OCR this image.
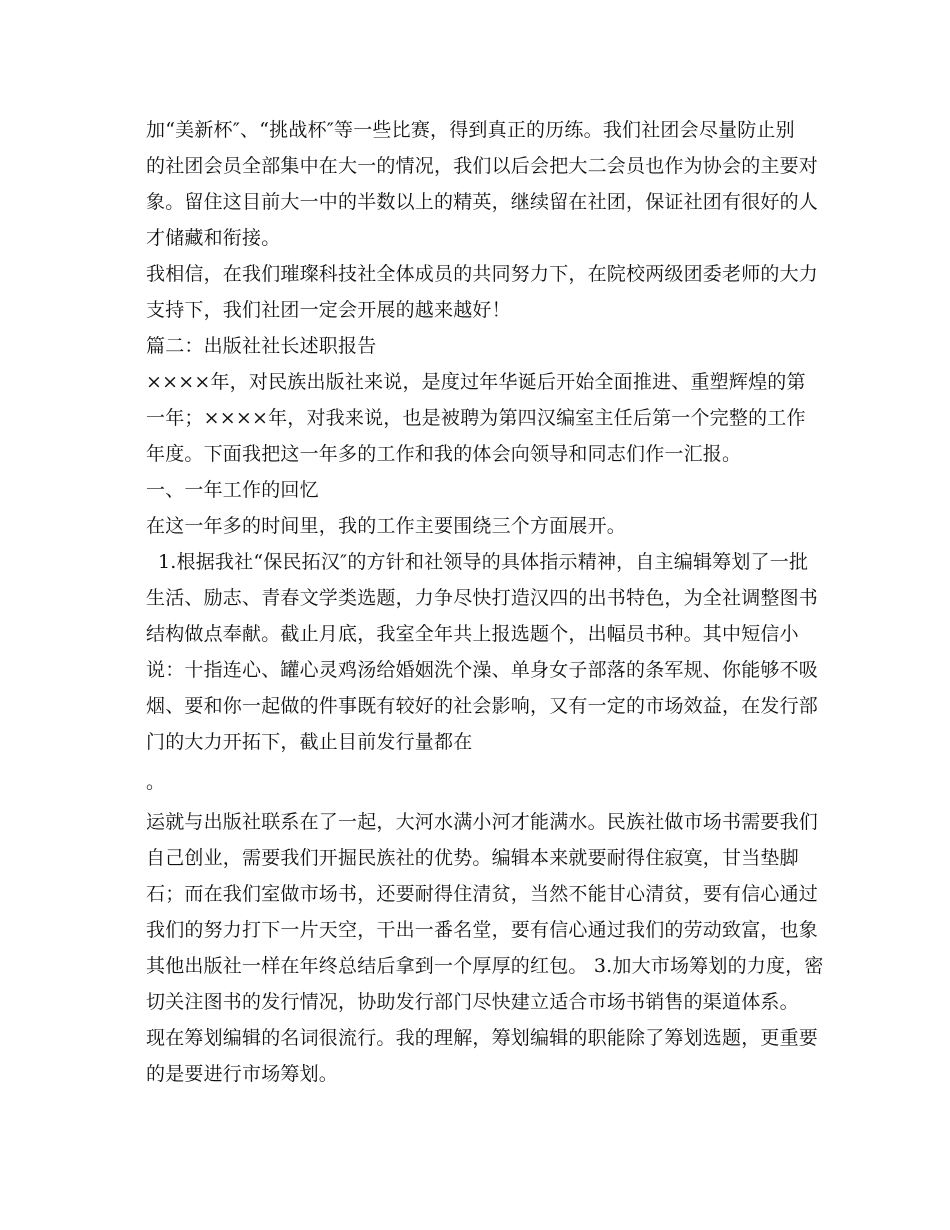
加“美新杯″、“挑战杯″等一些比赛，得到真正的历练。我们社团会尽量防止别
的社团会员全部集中在大一的情况，我们以后会把大二会员也作为协会的主要对
象。留住这目前大一中的半数以上的精英，继续留在社团，保证社团有很好的人
才储藏和衔接。
我相信，在我们璀璨科技社全体成员的共同努力下，在院校两级团委老师的大力
支持下，我们社团一定会开展的越来越好！
篇二：出版社社长述职报告
××××年，对民族出版社来说，是度过年华诞后开始全面推进、重塑辉煌的第
一年；××××年，对我来说，也是被聘为第四汉编室主任后第一个完整的工作
年度。下面我把这一年多的工作和我的体会向领导和同志们作一汇报。
一、一年工作的回忆
在这一年多的时间里，我的工作主要围绕三个方面展开。
1.根据我社“保民拓汉″的方针和社领导的具体指示精神，自主编辑筹划了一批
生活、励志、青春文学类选题，力争尽快打造汉四的出书特色，为全社调整图书
结构做点奉献。截止月底，我室全年共上报选题个，出幅员书种。其中短信小
说：十指连心、罐心灵鸡汤给婚姻洗个澡、单身女子部落的条军规、你能够不吸
烟、要和你一起做的件事既有较好的社会影响，又有一定的市场效益，在发行部
门的大力开拓下，截止目前发行量都在
。
运就与出版社联系在了一起，大河水满小河才能满水。民族社做市场书需要我们
自己创业，需要我们开掘民族社的优势。编辑本来就要耐得住寂寞，甘当垫脚
石；而在我们室做市场书，还要耐得住清贫，当然不能甘心清贫，要有信心通过
我们的努力打下一片天空，干出一番名堂，要有信心通过我们的劳动致富，也象
其他出版社一样在年终总结后拿到一个厚厚的红包。 3.加大市场筹划的力度，密
切关注图书的发行情况，协助发行部门尽快建立适合市场书销售的渠道体系。
现在筹划编辑的名词很流行。我的理解，筹划编辑的职能除了筹划选题，更重要
的是要进行市场筹划。
